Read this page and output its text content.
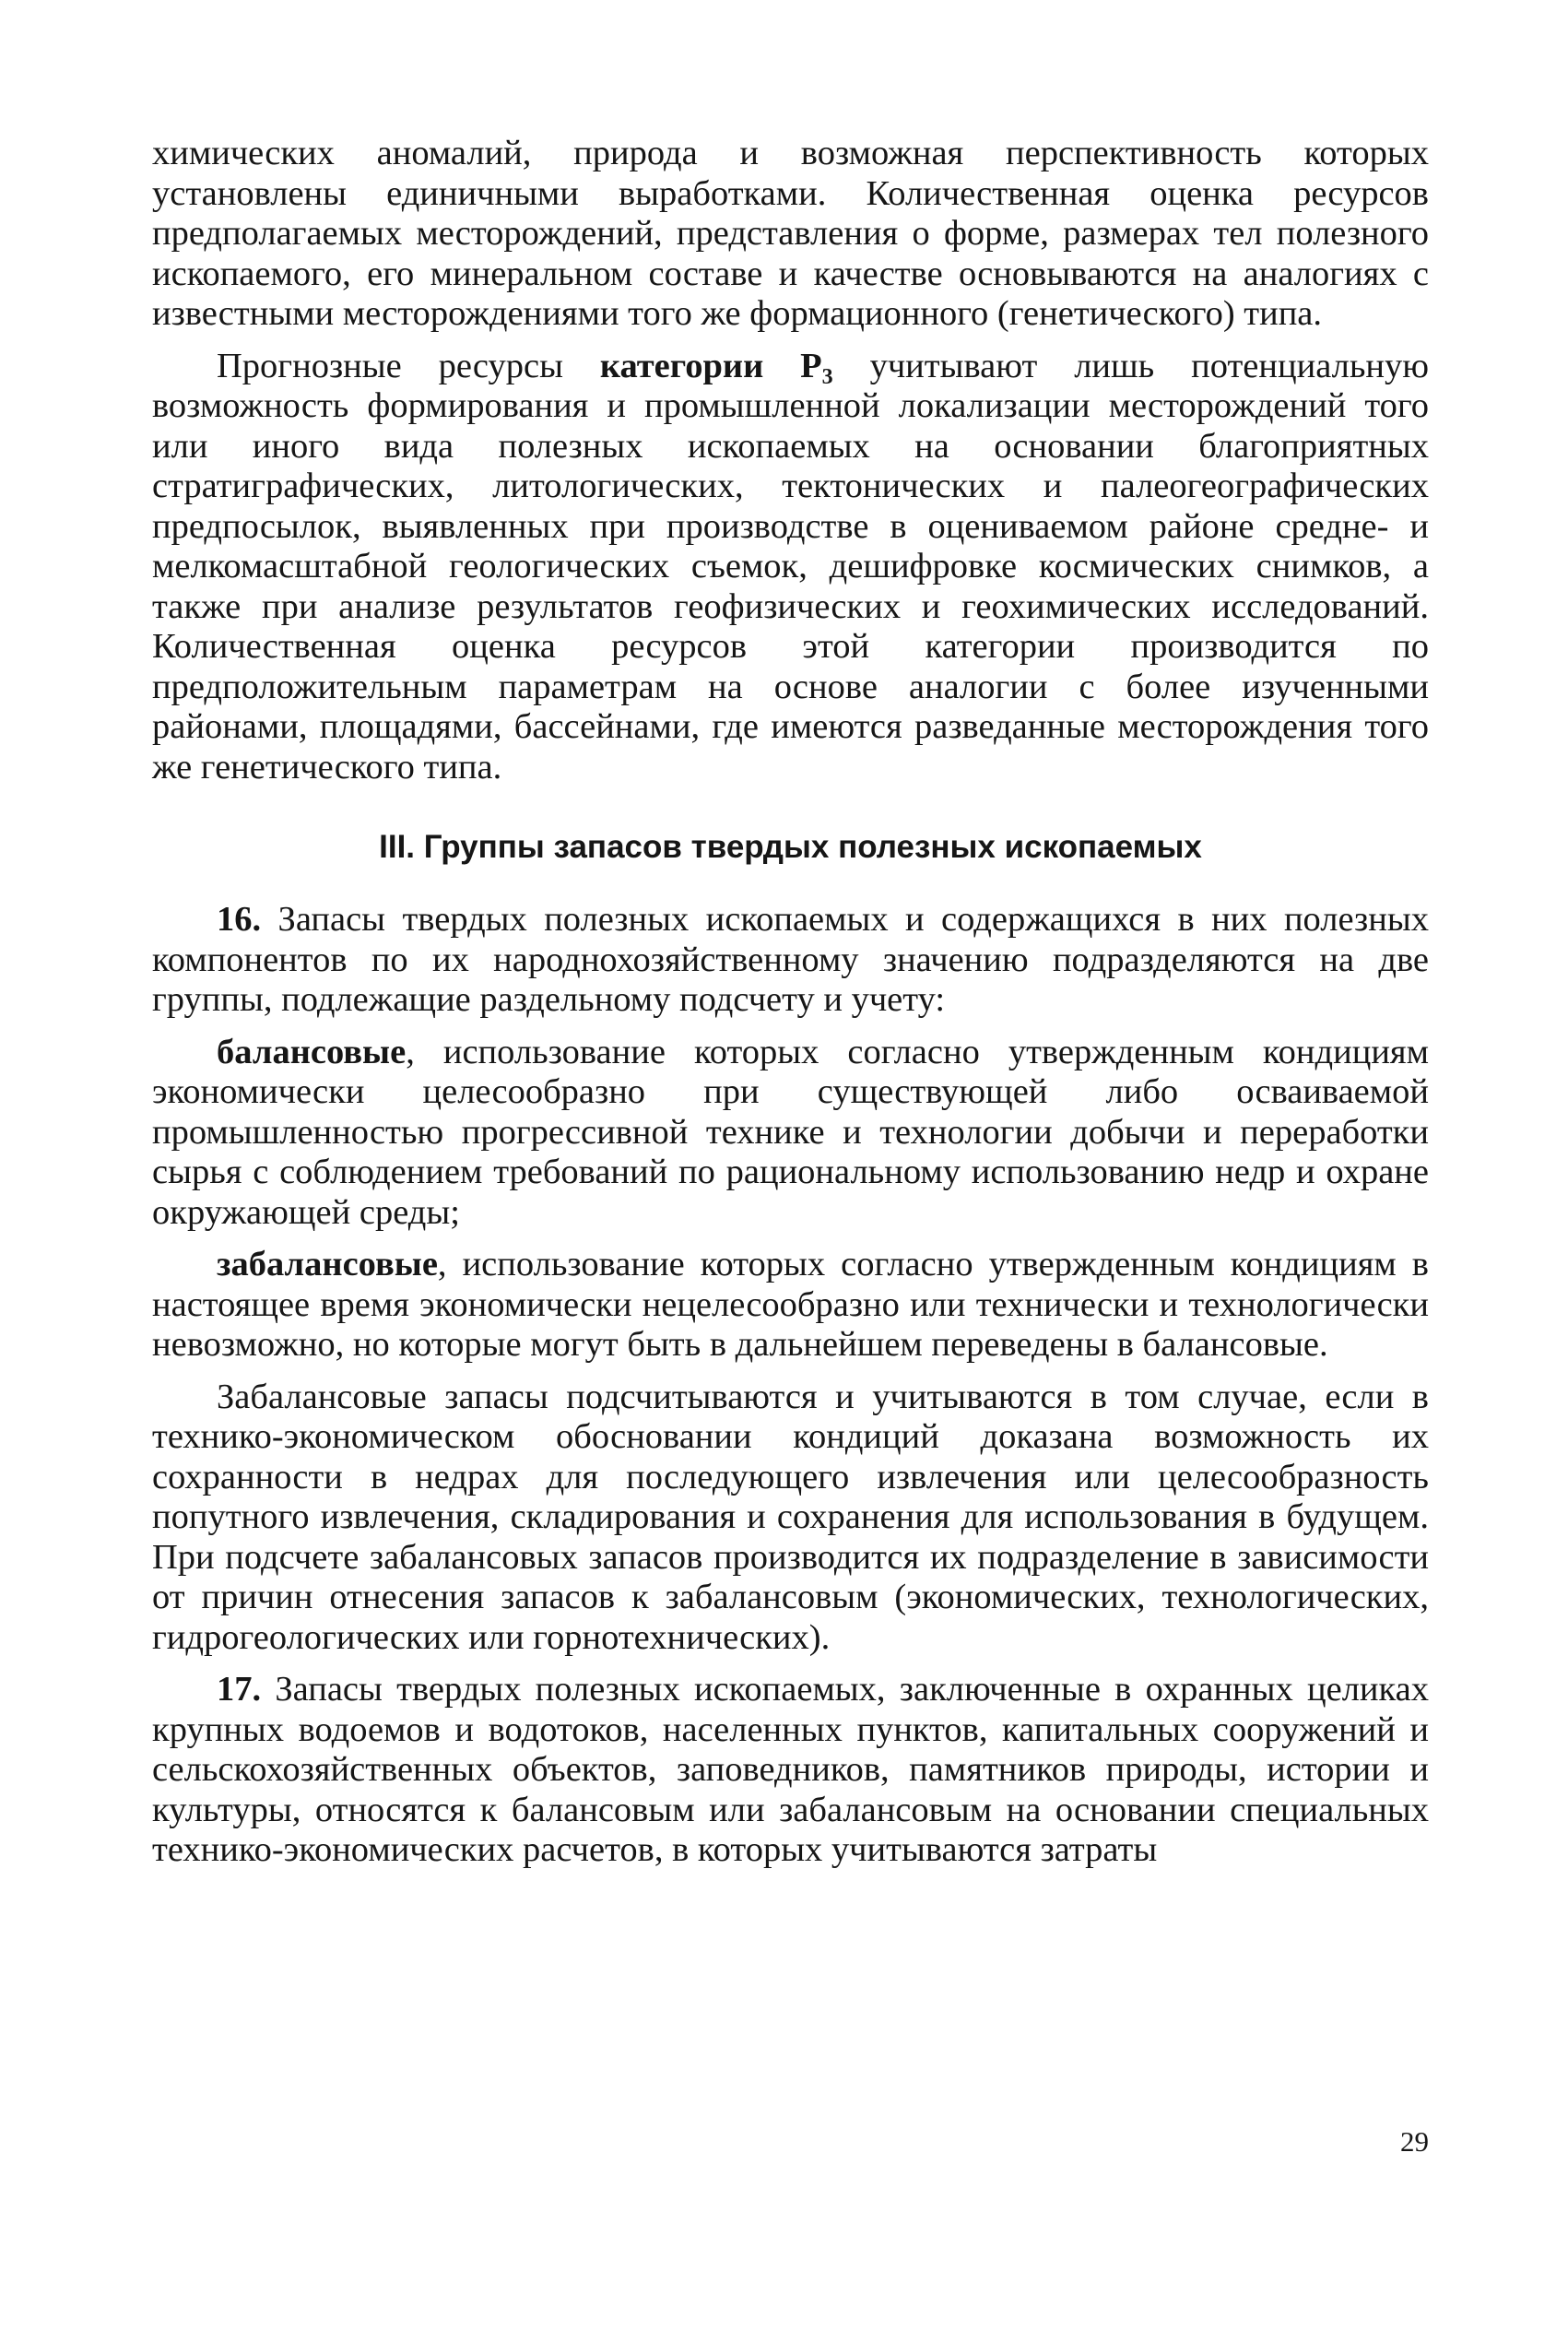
химических аномалий, природа и возможная перспективность которых установлены единичными выработками. Количественная оценка ресурсов предполагаемых месторождений, представления о форме, размерах тел полезного ископаемого, его минеральном составе и качестве основываются на аналогиях с известными месторождениями того же формационного (генетического) типа.

Прогнозные ресурсы категории $Р_3$ учитывают лишь потенциальную возможность формирования и промышленной локализации месторождений того или иного вида полезных ископаемых на основании благоприятных стратиграфических, литологических, тектонических и палеогеографических предпосылок, выявленных при производстве в оцениваемом районе средне- и мелкомасштабной геологических съемок, дешифровке космических снимков, а также при анализе результатов геофизических и геохимических исследований. Количественная оценка ресурсов этой категории производится по предположительным параметрам на основе аналогии с более изученными районами, площадями, бассейнами, где имеются разведанные месторождения того же генетического типа.

III. Группы запасов твердых полезных ископаемых

16. Запасы твердых полезных ископаемых и содержащихся в них полезных компонентов по их народнохозяйственному значению подразделяются на две группы, подлежащие раздельному подсчету и учету:

балансовые, использование которых согласно утвержденным кондициям экономически целесообразно при существующей либо осваиваемой промышленностью прогрессивной технике и технологии добычи и переработки сырья с соблюдением требований по рациональному использованию недр и охране окружающей среды;

забалансовые, использование которых согласно утвержденным кондициям в настоящее время экономически нецелесообразно или технически и технологически невозможно, но которые могут быть в дальнейшем переведены в балансовые.

Забалансовые запасы подсчитываются и учитываются в том случае, если в технико-экономическом обосновании кондиций доказана возможность их сохранности в недрах для последующего извлечения или целесообразность попутного извлечения, складирования и сохранения для использования в будущем. При подсчете забалансовых запасов производится их подразделение в зависимости от причин отнесения запасов к забалансовым (экономических, технологических, гидрогеологических или горнотехнических).

17. Запасы твердых полезных ископаемых, заключенные в охранных целиках крупных водоемов и водотоков, населенных пунктов, капитальных сооружений и сельскохозяйственных объектов, заповедников, памятников природы, истории и культуры, относятся к балансовым или забалансовым на основании специальных технико-экономических расчетов, в которых учитываются затраты

29
